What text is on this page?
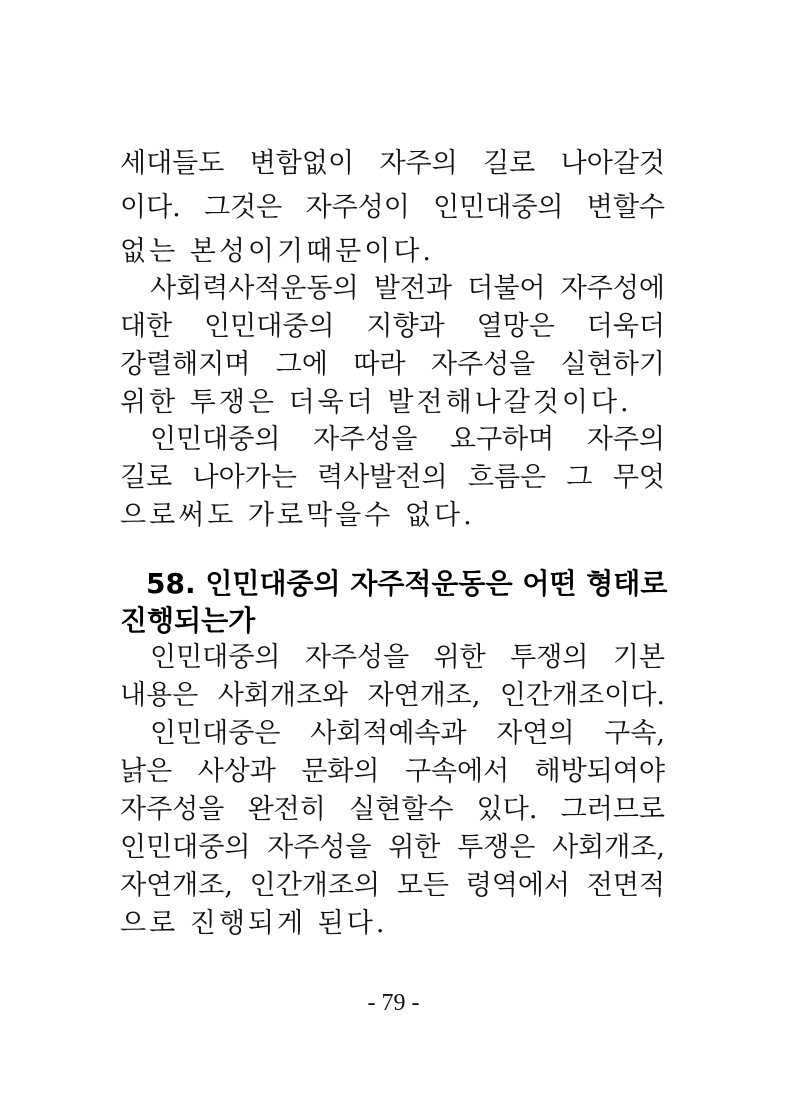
세대들도 변함없이 자주의 길로 나아갈것
이다. 그것은 자주성이 인민대중의 변할수
없는 본성이기때문이다.
사회력사적운동의 발전과 더불어 자주성에
대한 인민대중의 지향과 열망은 더욱더
강렬해지며 그에 따라 자주성을 실현하기
위한 투쟁은 더욱더 발전해나갈것이다.
인민대중의 자주성을 요구하며 자주의
길로 나아가는 력사발전의 흐름은 그 무엇
으로써도 가로막을수 없다.
58. 인민대중의 자주적운동은 어떤 형태로
진행되는가
인민대중의 자주성을 위한 투쟁의 기본
내용은 사회개조와 자연개조, 인간개조이다.
인민대중은 사회적예속과 자연의 구속,
낡은 사상과 문화의 구속에서 해방되여야
자주성을 완전히 실현할수 있다. 그러므로
인민대중의 자주성을 위한 투쟁은 사회개조,
자연개조, 인간개조의 모든 령역에서 전면적
으로 진행되게 된다.
- 79 -
